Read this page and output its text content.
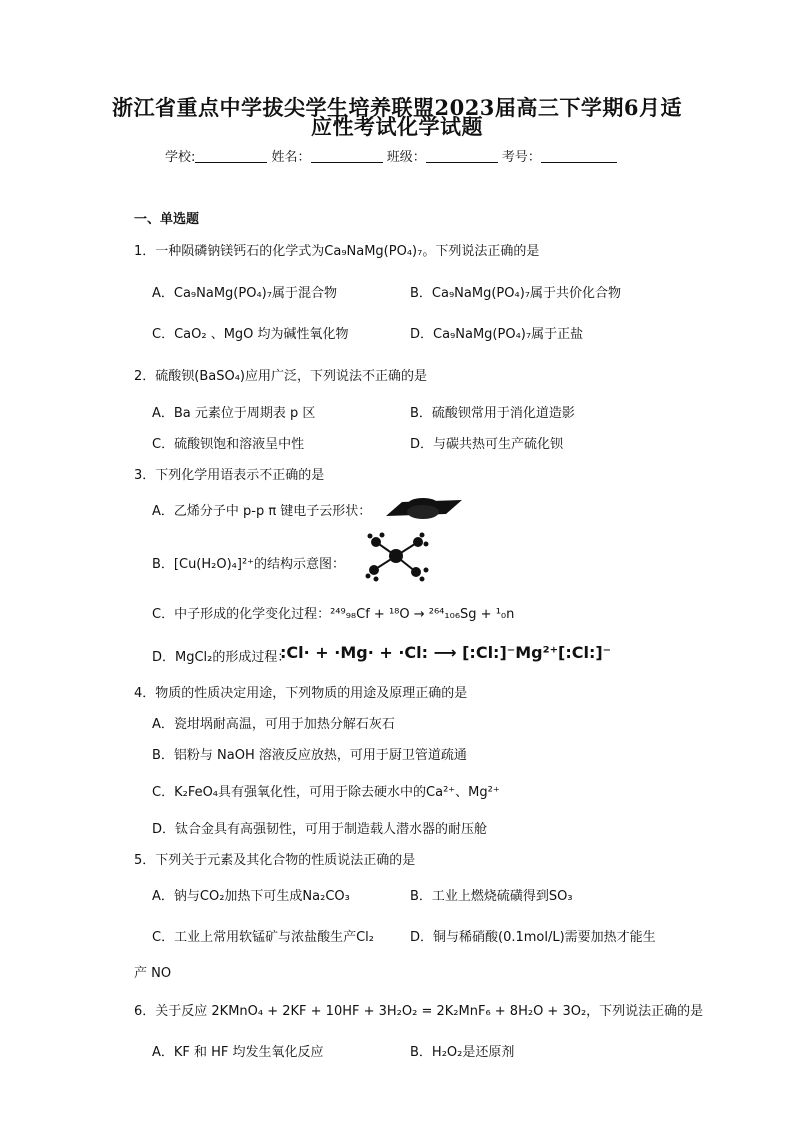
浙江省重点中学拔尖学生培养联盟2023届高三下学期6月适
应性考试化学试题
学校:	姓名：	班级：	考号：
一、单选题
1．一种陨磷钠镁钙石的化学式为Ca₉NaMg(PO₄)₇。下列说法正确的是
A．Ca₉NaMg(PO₄)₇属于混合物	B．Ca₉NaMg(PO₄)₇属于共价化合物
C．CaO₂ 、MgO 均为碱性氧化物	D．Ca₉NaMg(PO₄)₇属于正盐
2．硫酸钡(BaSO₄)应用广泛，下列说法不正确的是
A．Ba 元素位于周期表 p 区	B．硫酸钡常用于消化道造影
C．硫酸钡饱和溶液呈中性	D．与碳共热可生产硫化钡
3．下列化学用语表示不正确的是
A．乙烯分子中 p-p π 键电子云形状：
B．[Cu(H₂O)₄]²⁺的结构示意图：
C．中子形成的化学变化过程：²⁴⁹₉₈Cf + ¹⁸O → ²⁶⁴₁₀₆Sg + ¹₀n
D．MgCl₂的形成过程：
:Cl· + ·Mg· + ·Cl: ⟶ [:Cl:]⁻Mg²⁺[:Cl:]⁻
4．物质的性质决定用途，下列物质的用途及原理正确的是
A．瓷坩埚耐高温，可用于加热分解石灰石
B．铝粉与 NaOH 溶液反应放热，可用于厨卫管道疏通
C．K₂FeO₄具有强氧化性，可用于除去硬水中的Ca²⁺、Mg²⁺
D．钛合金具有高强韧性，可用于制造载人潜水器的耐压舱
5．下列关于元素及其化合物的性质说法正确的是
A．钠与CO₂加热下可生成Na₂CO₃	B．工业上燃烧硫磺得到SO₃
C．工业上常用软锰矿与浓盐酸生产Cl₂	D．铜与稀硝酸(0.1mol/L)需要加热才能生
产 NO
6．关于反应 2KMnO₄ + 2KF + 10HF + 3H₂O₂ = 2K₂MnF₆ + 8H₂O + 3O₂，下列说法正确的是
A．KF 和 HF 均发生氧化反应	B．H₂O₂是还原剂
